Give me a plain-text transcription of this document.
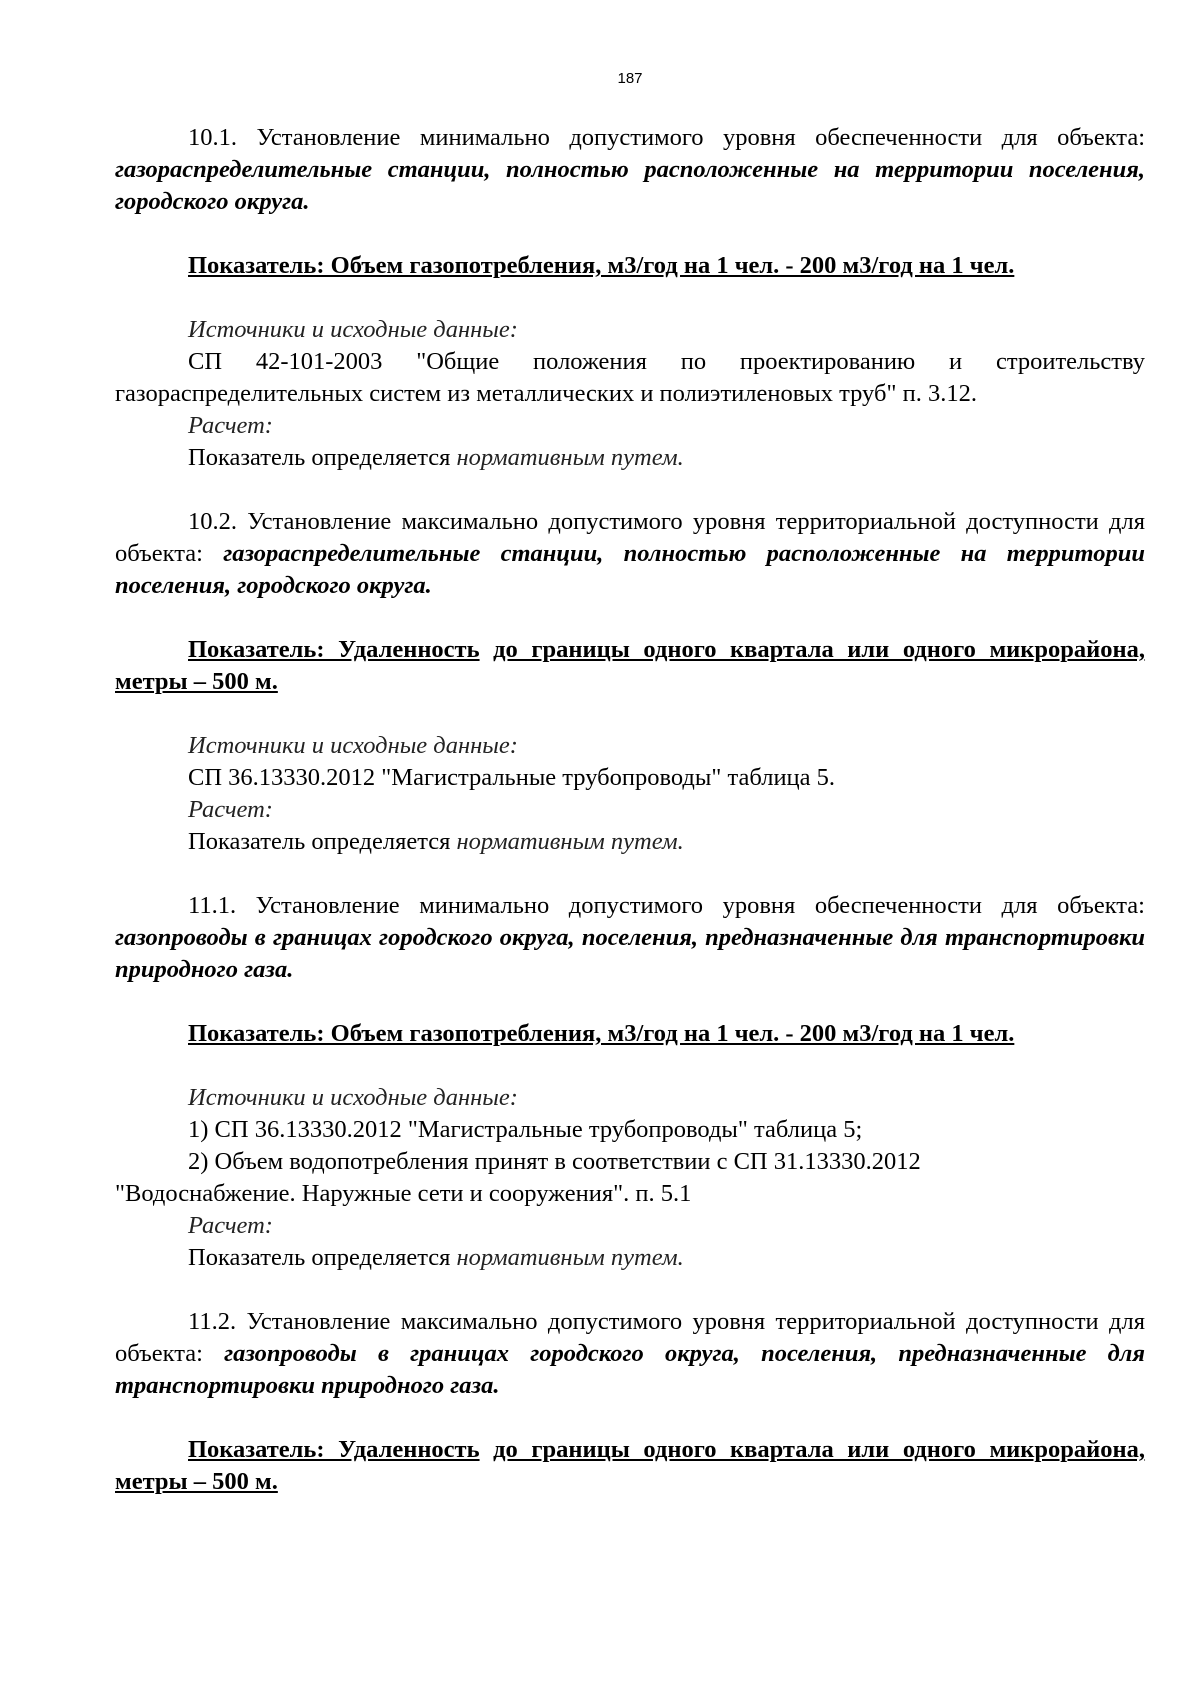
187

10.1. Установление минимально допустимого уровня обеспеченности для объекта: газораспределительные станции, полностью расположенные на территории поселения, городского округа.

Показатель: Объем газопотребления, м3/год на 1 чел. - 200 м3/год на 1 чел.

Источники и исходные данные:

СП 42-101-2003 "Общие положения по проектированию и строительству газораспределительных систем из металлических и полиэтиленовых труб" п. 3.12.

Расчет:

Показатель определяется нормативным путем.

10.2. Установление максимально допустимого уровня территориальной доступности для объекта: газораспределительные станции, полностью расположенные на территории поселения, городского округа.

Показатель: Удаленность до границы одного квартала или одного микрорайона, метры – 500 м.

Источники и исходные данные:

СП 36.13330.2012 "Магистральные трубопроводы" таблица 5.

Расчет:

Показатель определяется нормативным путем.

11.1. Установление минимально допустимого уровня обеспеченности для объекта: газопроводы в границах городского округа, поселения, предназначенные для транспортировки природного газа.

Показатель: Объем газопотребления, м3/год на 1 чел. - 200 м3/год на 1 чел.

Источники и исходные данные:

1) СП 36.13330.2012 "Магистральные трубопроводы" таблица 5;

2) Объем водопотребления принят в соответствии с СП 31.13330.2012

"Водоснабжение. Наружные сети и сооружения". п. 5.1

Расчет:

Показатель определяется нормативным путем.

11.2. Установление максимально допустимого уровня территориальной доступности для объекта: газопроводы в границах городского округа, поселения, предназначенные для транспортировки природного газа.

Показатель: Удаленность до границы одного квартала или одного микрорайона, метры – 500 м.
